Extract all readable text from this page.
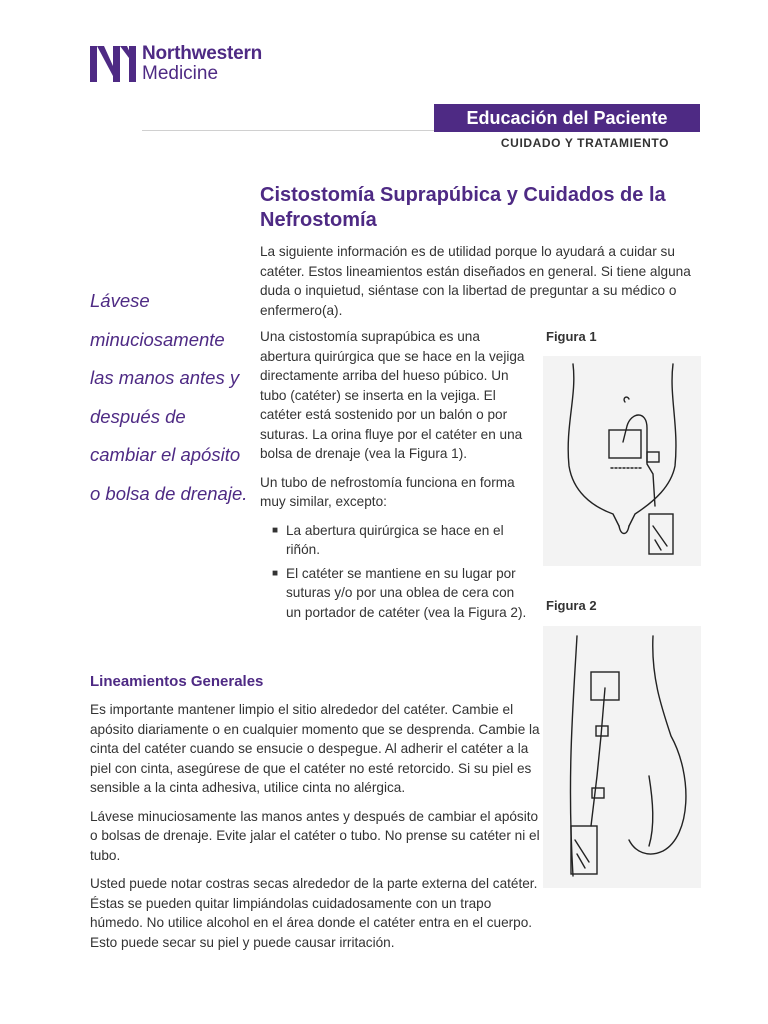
Northwestern
Medicine
Educación del Paciente
CUIDADO Y TRATAMIENTO
Cistostomía Suprapúbica y Cuidados de la Nefrostomía
La siguiente información es de utilidad porque lo ayudará a cuidar su catéter. Estos lineamientos están diseñados en general. Si tiene alguna duda o inquietud, siéntase con la libertad de preguntar a su médico o enfermero(a).
Lávese minuciosamente las manos antes y después de cambiar el apósito o bolsa de drenaje.

Una cistostomía suprapúbica es una abertura quirúrgica que se hace en la vejiga directamente arriba del hueso púbico. Un tubo (catéter) se inserta en la vejiga. El catéter está sostenido por un balón o por suturas. La orina fluye por el catéter en una bolsa de drenaje (vea la Figura 1).

Un tubo de nefrostomía funciona en forma muy similar, excepto:

■ La abertura quirúrgica se hace en el riñón.
■ El catéter se mantiene en su lugar por suturas y/o por una oblea de cera con un portador de catéter (vea la Figura 2).
Figura 1
Figura 2
Lineamientos Generales

Es importante mantener limpio el sitio alrededor del catéter. Cambie el apósito diariamente o en cualquier momento que se desprenda. Cambie la cinta del catéter cuando se ensucie o despegue. Al adherir el catéter a la piel con cinta, asegúrese de que el catéter no esté retorcido. Si su piel es sensible a la cinta adhesiva, utilice cinta no alérgica.

Lávese minuciosamente las manos antes y después de cambiar el apósito o bolsas de drenaje. Evite jalar el catéter o tubo. No prense su catéter ni el tubo.

Usted puede notar costras secas alrededor de la parte externa del catéter. Éstas se pueden quitar limpiándolas cuidadosamente con un trapo húmedo. No utilice alcohol en el área donde el catéter entra en el cuerpo. Esto puede secar su piel y puede causar irritación.
